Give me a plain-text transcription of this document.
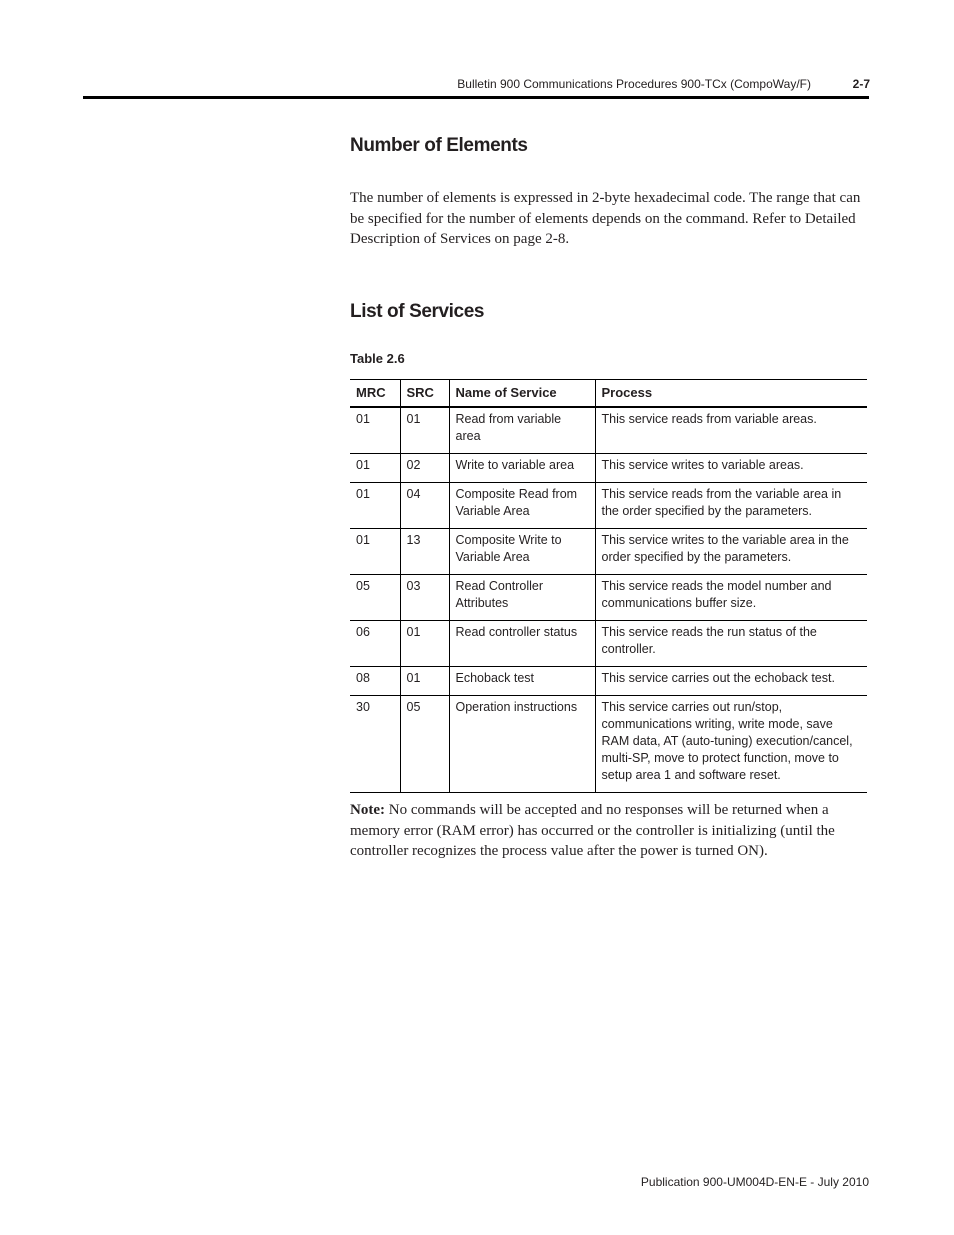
Bulletin 900 Communications Procedures 900-TCx (CompoWay/F)	2-7
Number of Elements

The number of elements is expressed in 2-byte hexadecimal code. The range that can be specified for the number of elements depends on the command. Refer to Detailed Description of Services on page 2-8.

List of Services
Table 2.6
MRC	SRC	Name of Service	Process
01	01	Read from variable area	This service reads from variable areas.
01	02	Write to variable area	This service writes to variable areas.
01	04	Composite Read from Variable Area	This service reads from the variable area in the order specified by the parameters.
01	13	Composite Write to Variable Area	This service writes to the variable area in the order specified by the parameters.
05	03	Read Controller Attributes	This service reads the model number and communications buffer size.
06	01	Read controller status	This service reads the run status of the controller.
08	01	Echoback test	This service carries out the echoback test.
30	05	Operation instructions	This service carries out run/stop, communications writing, write mode, save RAM data, AT (auto-tuning) execution/cancel, multi-SP, move to protect function, move to setup area 1 and software reset.

Note: No commands will be accepted and no responses will be returned when a memory error (RAM error) has occurred or the controller is initializing (until the controller recognizes the process value after the power is turned ON).

Publication 900-UM004D-EN-E - July 2010
